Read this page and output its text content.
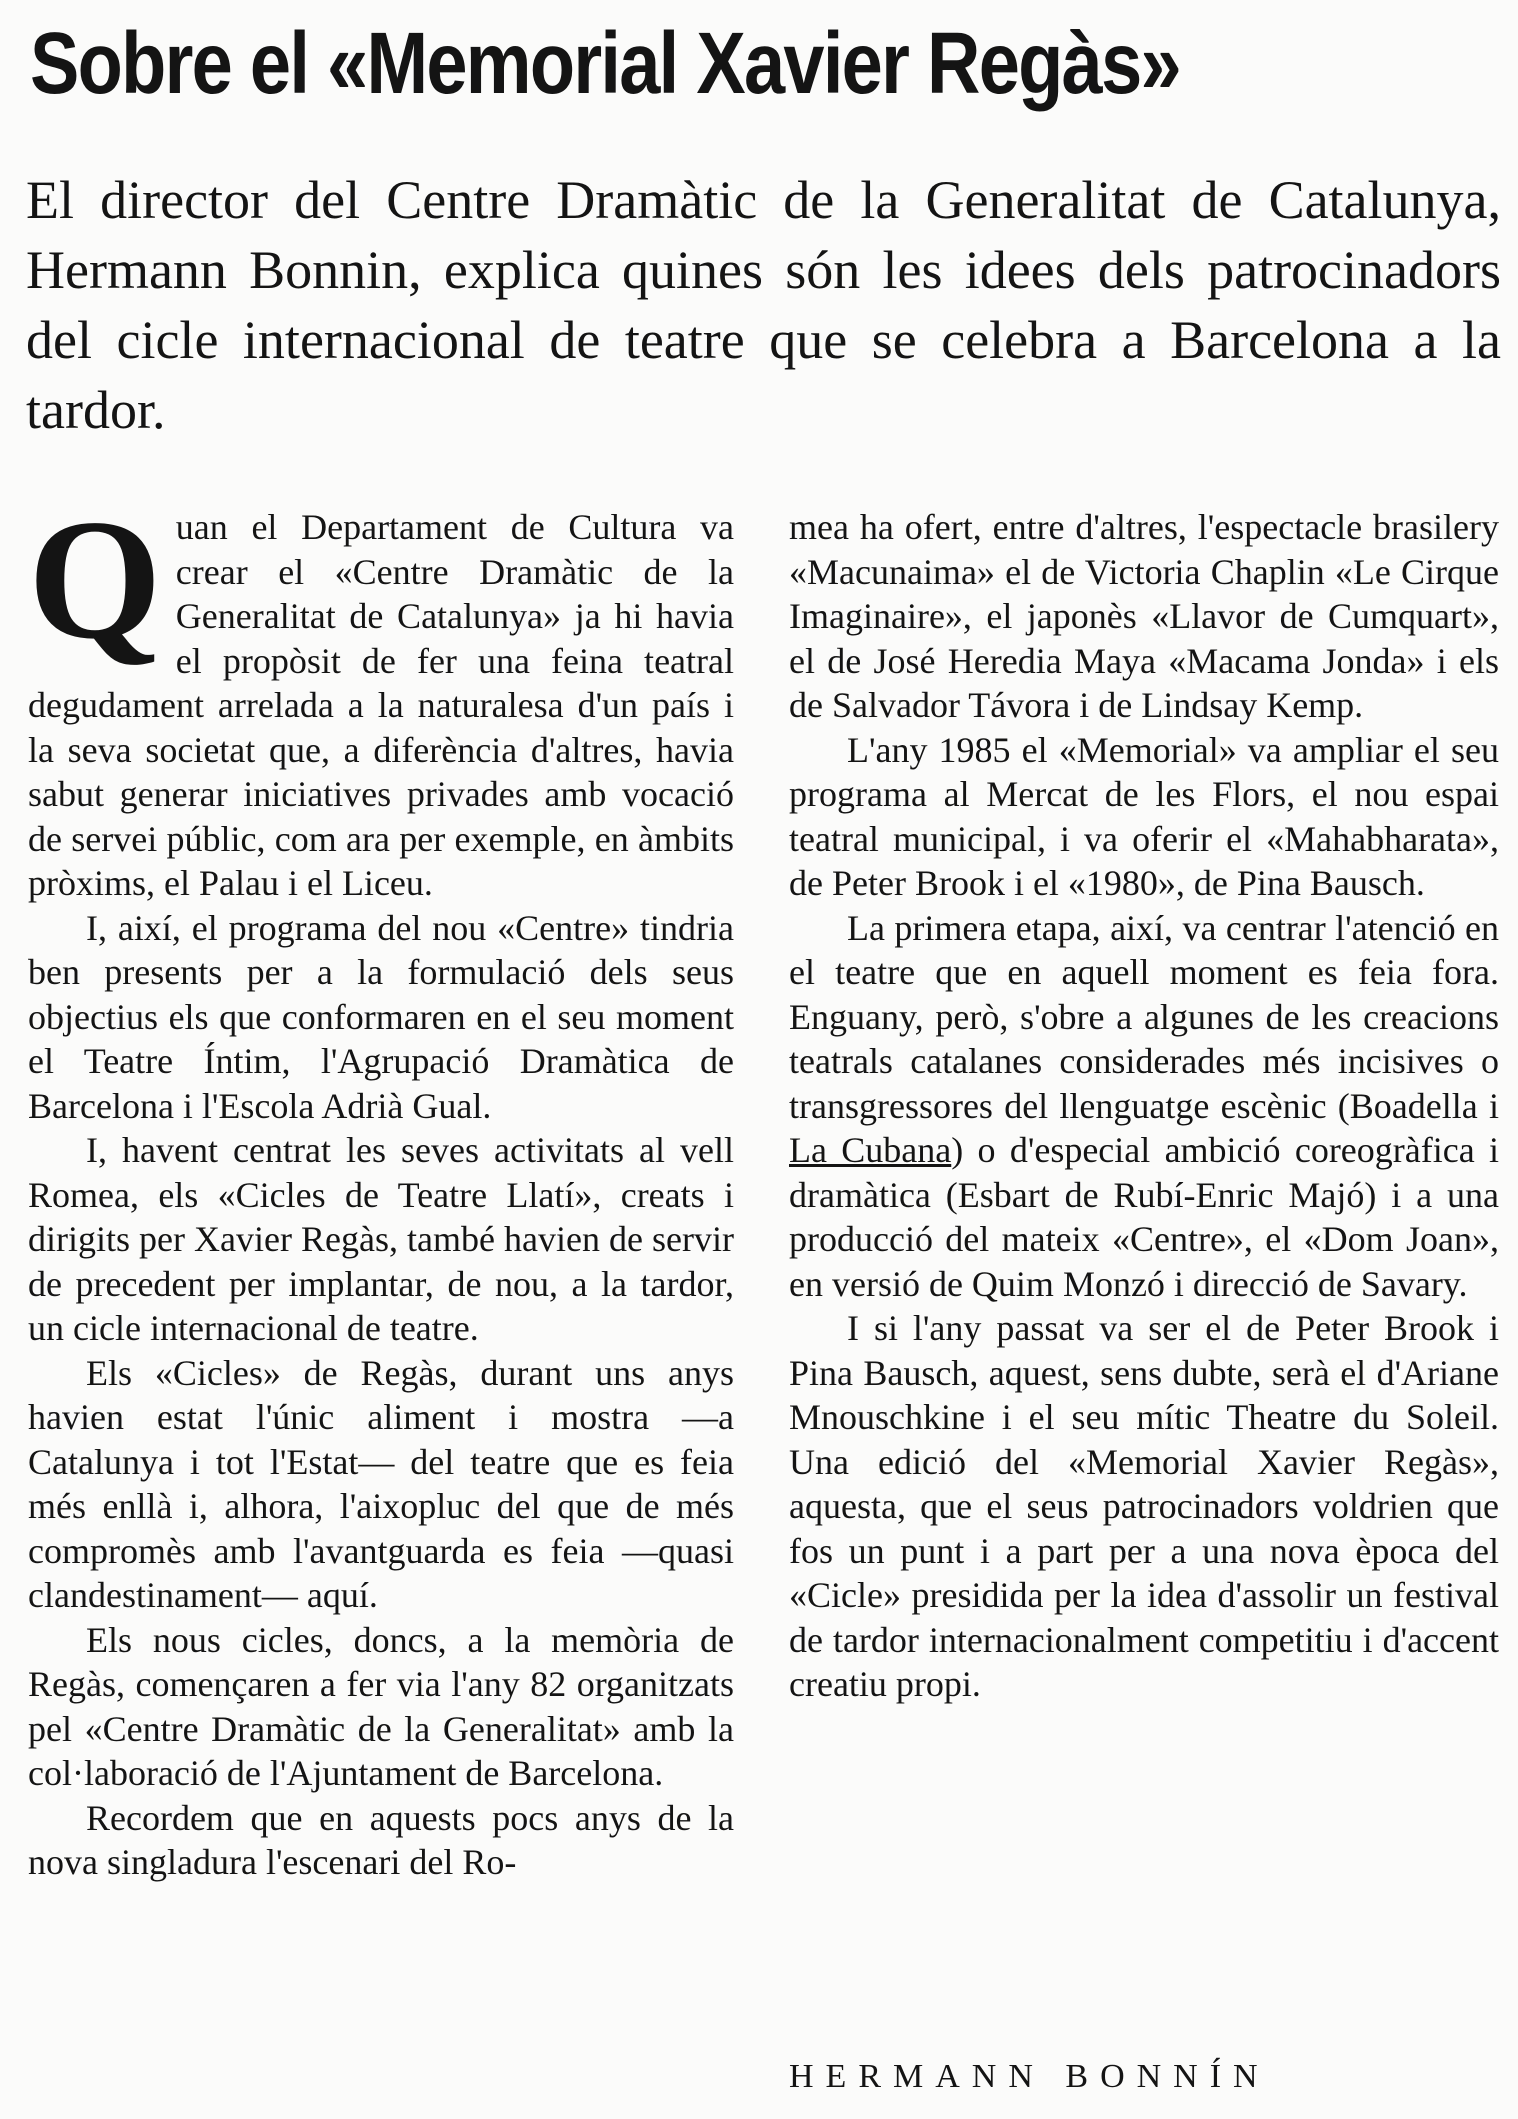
Sobre el «Memorial Xavier Regàs»

El director del Centre Dramàtic de la Generalitat de Catalunya, Hermann Bonnin, explica quines són les idees dels patrocinadors del cicle internacional de teatre que se celebra a Barcelona a la tardor.

Q uan el Departament de Cultura va crear el «Centre Dramàtic de la Generalitat de Catalunya» ja hi havia el propòsit de fer una feina teatral degudament arrelada a la naturalesa d'un país i la seva societat que, a diferència d'altres, havia sabut generar iniciatives privades amb vocació de servei públic, com ara per exemple, en àmbits pròxims, el Palau i el Liceu.

I, així, el programa del nou «Centre» tindria ben presents per a la formulació dels seus objectius els que conformaren en el seu moment el Teatre Íntim, l'Agrupació Dramàtica de Barcelona i l'Escola Adrià Gual.

I, havent centrat les seves activitats al vell Romea, els «Cicles de Teatre Llatí», creats i dirigits per Xavier Regàs, també havien de servir de precedent per implantar, de nou, a la tardor, un cicle internacional de teatre.

Els «Cicles» de Regàs, durant uns anys havien estat l'únic aliment i mostra —a Catalunya i tot l'Estat— del teatre que es feia més enllà i, alhora, l'aixopluc del que de més compromès amb l'avantguarda es feia —quasi clandestinament— aquí.

Els nous cicles, doncs, a la memòria de Regàs, començaren a fer via l'any 82 organitzats pel «Centre Dramàtic de la Generalitat» amb la col·laboració de l'Ajuntament de Barcelona.

Recordem que en aquests pocs anys de la nova singladura l'escenari del Ro-

mea ha ofert, entre d'altres, l'espectacle brasilery «Macunaima» el de Victoria Chaplin «Le Cirque Imaginaire», el japonès «Llavor de Cumquart», el de José Heredia Maya «Macama Jonda» i els de Salvador Távora i de Lindsay Kemp.

L'any 1985 el «Memorial» va ampliar el seu programa al Mercat de les Flors, el nou espai teatral municipal, i va oferir el «Mahabharata», de Peter Brook i el «1980», de Pina Bausch.

La primera etapa, així, va centrar l'atenció en el teatre que en aquell moment es feia fora. Enguany, però, s'obre a algunes de les creacions teatrals catalanes considerades més incisives o transgressores del llenguatge escènic (Boadella i La Cubana) o d'especial ambició coreogràfica i dramàtica (Esbart de Rubí-Enric Majó) i a una producció del mateix «Centre», el «Dom Joan», en versió de Quim Monzó i direcció de Savary.

I si l'any passat va ser el de Peter Brook i Pina Bausch, aquest, sens dubte, serà el d'Ariane Mnouschkine i el seu mític Theatre du Soleil. Una edició del «Memorial Xavier Regàs», aquesta, que el seus patrocinadors voldrien que fos un punt i a part per a una nova època del «Cicle» presidida per la idea d'assolir un festival de tardor internacionalment competitiu i d'accent creatiu propi.

HERMANN BONNÍN
